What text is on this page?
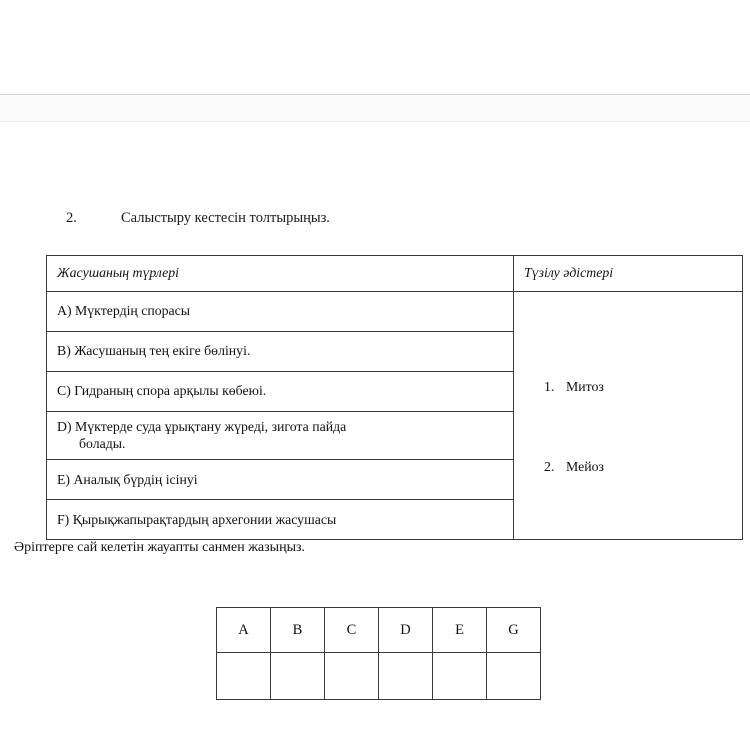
2.	Салыстыру кестесін толтырыңыз.
Жасушаның түрлері	Түзілу әдістері
A) Мүктердің спорасы	1. Митоз
2. Мейоз

B) Жасушаның тең екіге бөлінуі.	
C) Гидраның спора арқылы көбеюі.	
D) Мүктерде суда ұрықтану жүреді, зигота пайда
болады.	

E) Аналық бүрдің ісінуі	
F) Қырықжапырақтардың архегонии жасушасы	
Әріптерге сай келетін жауапты санмен жазыңыз.
A	B	C	D	E	G
